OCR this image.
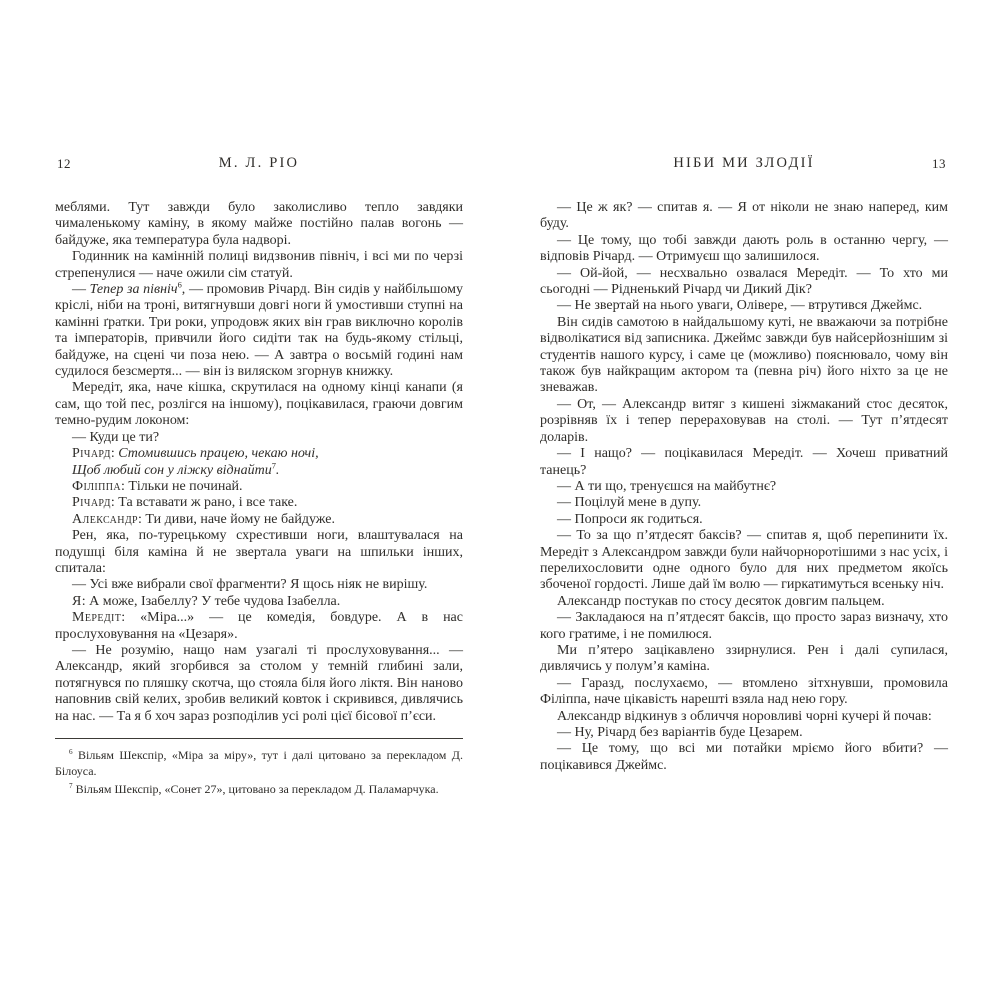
12	М. Л. РІО

меблями. Тут завжди було заколисливо тепло завдяки чималенькому каміну, в якому майже постійно палав вогонь — байдуже, яка температура була надворі.

Годинник на камінній полиці видзвонив північ, і всі ми по черзі стрепенулися — наче ожили сім статуй.

— Тепер за північ$^6$, — промовив Річард. Він сидів у найбільшому кріслі, ніби на троні, витягнувши довгі ноги й умостивши ступні на камінні ґратки. Три роки, упродовж яких він грав виключно королів та імператорів, привчили його сидіти так на будь-якому стільці, байдуже, на сцені чи поза нею. — А завтра о восьмій годині нам судилося безсмертя... — він із виляском згорнув книжку.

Мередіт, яка, наче кішка, скрутилася на одному кінці канапи (я сам, що той пес, розлігся на іншому), поцікавилася, граючи довгим темно-рудим локоном:

— Куди це ти?

Річард: Стомившись працею, чекаю ночі,

Щоб любий сон у ліжку віднайти$^7$.

Філіппа: Тільки не починай.

Річард: Та вставати ж рано, і все таке.

Александр: Ти диви, наче йому не байдуже.

Рен, яка, по-турецькому схрестивши ноги, влаштувалася на подушці біля каміна й не звертала уваги на шпильки інших, спитала:

— Усі вже вибрали свої фрагменти? Я щось ніяк не вирішу.

Я: А може, Ізабеллу? У тебе чудова Ізабелла.

Мередіт: «Міра...» — це комедія, бовдуре. А в нас прослуховування на «Цезаря».

— Не розумію, нащо нам узагалі ті прослуховування... — Александр, який згорбився за столом у темній глибині зали, потягнувся по пляшку скотча, що стояла біля його ліктя. Він наново наповнив свій келих, зробив великий ковток і скривився, дивлячись на нас. — Та я б хоч зараз розподілив усі ролі цієї бісової п’єси.

$^6$ Вільям Шекспір, «Міра за міру», тут і далі цитовано за перекладом Д. Білоуса.

$^7$ Вільям Шекспір, «Сонет 27», цитовано за перекладом Д. Паламарчука.

НІБИ МИ ЗЛОДІЇ	13

— Це ж як? — спитав я. — Я от ніколи не знаю наперед, ким буду.

— Це тому, що тобі завжди дають роль в останню чергу, — відповів Річард. — Отримуєш що залишилося.

— Ой-йой, — несхвально озвалася Мередіт. — То хто ми сьогодні — Рідненький Річард чи Дикий Дік?

— Не звертай на нього уваги, Олівере, — втрутився Джеймс.

Він сидів самотою в найдальшому куті, не вважаючи за потрібне відволікатися від записника. Джеймс завжди був найсерйознішим зі студентів нашого курсу, і саме це (можливо) пояснювало, чому він також був найкращим актором та (певна річ) його ніхто за це не зневажав.

— От, — Александр витяг з кишені зіжмаканий стос десяток, розрівняв їх і тепер перераховував на столі. — Тут п’ятдесят доларів.

— І нащо? — поцікавилася Мередіт. — Хочеш приватний танець?

— А ти що, тренуєшся на майбутнє?

— Поцілуй мене в дупу.

— Попроси як годиться.

— То за що п’ятдесят баксів? — спитав я, щоб перепинити їх. Мередіт з Александром завжди були найчорноротішими з нас усіх, і перелихословити одне одного було для них предметом якоїсь збоченої гордості. Лише дай їм волю — гиркатимуться всеньку ніч.

Александр постукав по стосу десяток довгим пальцем.

— Закладаюся на п’ятдесят баксів, що просто зараз визначу, хто кого гратиме, і не помилюся.

Ми п’ятеро зацікавлено ззирнулися. Рен і далі супилася, дивлячись у полум’я каміна.

— Гаразд, послухаємо, — втомлено зітхнувши, промовила Філіппа, наче цікавість нарешті взяла над нею гору.

Александр відкинув з обличчя норовливі чорні кучері й почав:

— Ну, Річард без варіантів буде Цезарем.

— Це тому, що всі ми потайки мріємо його вбити? — поцікавився Джеймс.
